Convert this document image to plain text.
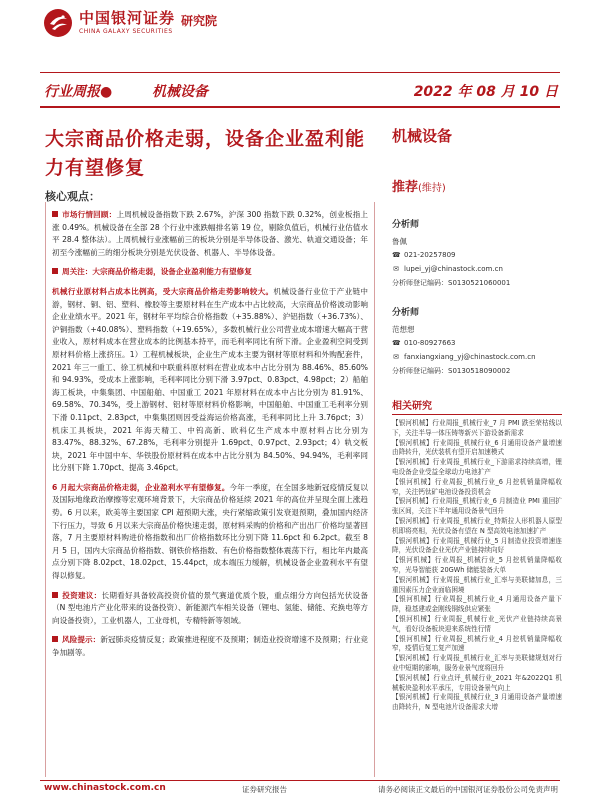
中国银河证券
CHINA GALAXY SECURITIES
研究院
行业周报●	机械设备	2022 年 08 月 10 日
大宗商品价格走弱，设备企业盈利能力有望修复
核心观点：

市场行情回顾：上周机械设备指数下跌 2.67%，沪深 300 指数下跌 0.32%，创业板指上涨 0.49%。机械设备在全部 28 个行业中涨跌幅排名第 19 位，剔除负值后，机械行业估值水平 28.4 整体法）。上周机械行业涨幅前三的板块分别是半导体设备、激光、轨道交通设备；年初至今涨幅前三的细分板块分别是光伏设备、机器人、半导体设备。

周关注：大宗商品价格走弱，设备企业盈利能力有望修复

机械行业原材料占成本比例高，受大宗商品价格走势影响较大。机械设备行业位于产业链中游，钢材、铜、铝、塑料、橡胶等主要原材料在生产成本中占比较高，大宗商品价格波动影响企业业绩水平。2021 年，钢材年平均综合价格指数（+35.88%）、沪铝指数（+36.73%）、沪铜指数（+40.08%）、塑料指数（+19.65%），多数机械行业公司营业成本增速大幅高于营业收入，原材料成本在营业成本的比例基本持平，而毛利率同比有所下滑。企业盈利空间受到原材料价格上涨挤压。1）工程机械板块，企业生产成本主要为钢材等原材料和外购配套件，2021 年三一重工、徐工机械和中联重科原材料在营业成本中占比分别为 88.46%、85.60%和 94.93%，受成本上涨影响，毛利率同比分别下滑 3.97pct、0.83pct、4.98pct；2）船舶海工板块，中集集团、中国船舶、中国重工 2021 年原材料在成本中占比分别为 81.91%、69.58%、70.34%，受上游钢材、铝材等原材料价格影响，中国船舶、中国重工毛利率分别下滑 0.11pct、2.83pct，中集集团则因受益海运价格高涨，毛利率同比上升 3.76pct；3）机床工具板块，2021 年海天精工、中钨高新、欧科亿生产成本中原材料占比分别为 83.47%、88.32%、67.28%，毛利率分别提升 1.69pct、0.97pct、2.93pct；4）轨交板块，2021 年中国中车、华铁股份原材料在成本中占比分别为 84.50%、94.94%，毛利率同比分别下降 1.70pct、提高 3.46pct。

6 月起大宗商品价格走弱，企业盈利水平有望修复。今年一季度，在全国多地新冠疫情反复以及国际地缘政治摩擦等宏观环境背景下，大宗商品价格延续 2021 年的高位并呈现全面上涨趋势。6 月以来，欧美等主要国家 CPI 超预期大涨，央行紧缩政策引发衰退预期，叠加国内经济下行压力，导致 6 月以来大宗商品价格快速走弱，原材料采购的价格和产出出厂价格均显著回落，7 月主要原材料购进价格指数和出厂价格指数环比分别下降 11.6pct 和 6.2pct。截至 8 月 5 日，国内大宗商品价格指数、钢铁价格指数、有色价格指数整体震荡下行，相比年内最高点分别下降 8.02pct、18.02pct、15.44pct，成本端压力缓解，机械设备企业盈利水平有望得以修复。

投资建议：长期看好具备较高投资价值的景气赛道优质个股，重点细分方向包括光伏设备（N 型电池片产业化带来的设备投资）、新能源汽车相关设备（锂电、氢能、储能、充换电等方向设备投资），工业机器人，工业母机，专精特新等领域。

风险提示：新冠肺炎疫情反复；政策推进程度不及预期；制造业投资增速不及预期；行业竞争加剧等。

机械设备
推荐(维持)
分析师
鲁佩
☎ 021-20257809
✉ lupei_yj@chinastock.com.cn
分析师登记编码：S0130521060001
分析师
范想想
☎ 010-80927663
✉ fanxiangxiang_yj@chinastock.com.cn
分析师登记编码：S0130518090002
相关研究
【银河机械】行业周报_机械行业_7 月 PMI 跌至荣枯线以下，关注半导一体压铸等新兴下游设备新需求
【银河机械】行业周报_机械行业_6 月通用设备产量增速由降转升，光伏装机有望开启加速模式
【银河机械】行业周报_机械行业_下游需求持续高增，锂电设备企业受益全球动力电池扩产
【银河机械】行业周报_机械行业_6 月挖机销量降幅收窄，关注钙钛矿电池设备投资机会
【银河机械】行业周报_机械行业_6 月制造业 PMI 重回扩张区间，关注下半年通用设备景气回升
【银河机械】行业周报_机械行业_特斯拉人形机器人原型机即将亮相，光伏设备有望在 N 型高效电池加速扩产
【银河机械】行业周报_机械行业_5 月制造业投资增速连降，光伏设备企业光伏产业链持续向好
【银河机械】行业周报_机械行业_5 月挖机销量降幅收窄，光导智能获 20GWh 储能装备大单
【银河机械】行业周报_机械行业_汇率与美联储加息，三重因素压力企业面临困境
【银河机械】行业周报_机械行业_4 月通用设备产量下降，稳基建或金刚线铜线供应紧张
【银河机械】行业周报_机械行业_光伏产业链持续高景气，看好设备板块迎来系统性行情
【银河机械】行业周报_机械行业_4 月挖机销量降幅收窄，疫情后复工复产加速
【银河机械】行业周报_机械行业_汇率与美联储规划对行业中短期的影响，服务业景气度将回升
【银河机械】行业点评_机械行业_2021 年&2022Q1 机械板块盈利水平承压，专用设备景气向上
【银河机械】行业周报_机械行业_3 月通用设备产量增速由降转升，N 型电池片设备需求大增
www.chinastock.com.cn	证券研究报告	请务必阅读正文最后的中国银河证券股份公司免责声明
